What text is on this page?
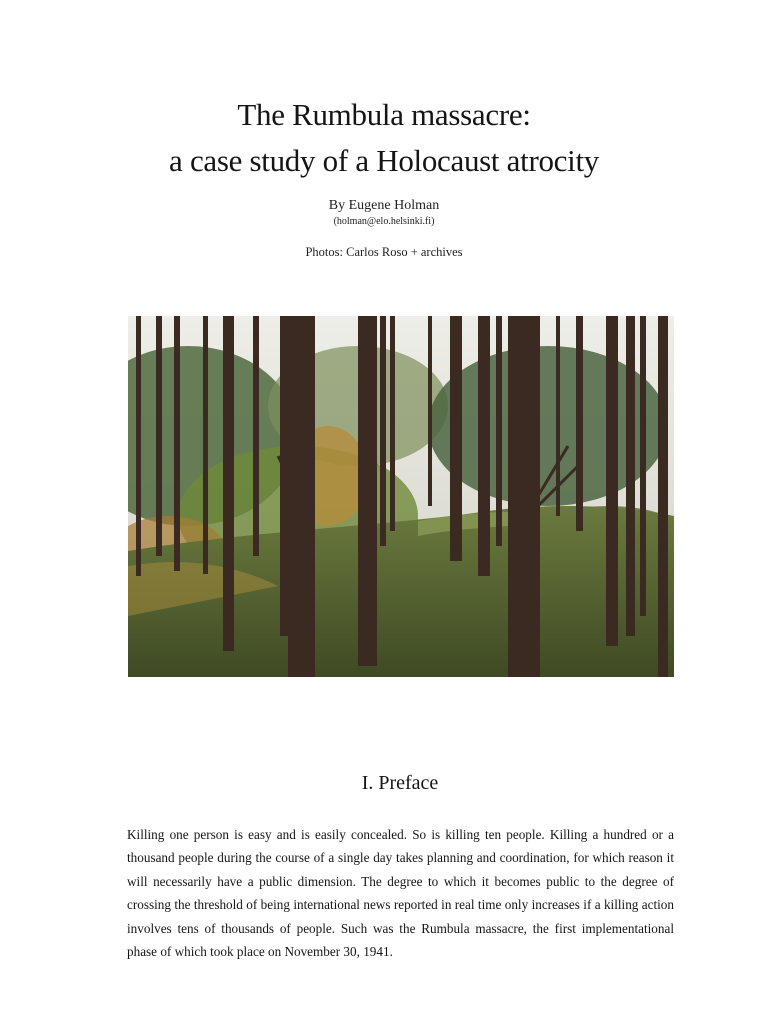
The Rumbula massacre:
a case study of a Holocaust atrocity
By Eugene Holman
(holman@elo.helsinki.fi)
Photos: Carlos Roso + archives
I. Preface

Killing one person is easy and is easily concealed. So is killing ten people. Killing a hundred or a thousand people during the course of a single day takes planning and coordination, for which reason it will necessarily have a public dimension. The degree to which it becomes public to the degree of crossing the threshold of being international news reported in real time only increases if a killing action involves tens of thousands of people. Such was the Rumbula massacre, the first implementational phase of which took place on November 30, 1941.
